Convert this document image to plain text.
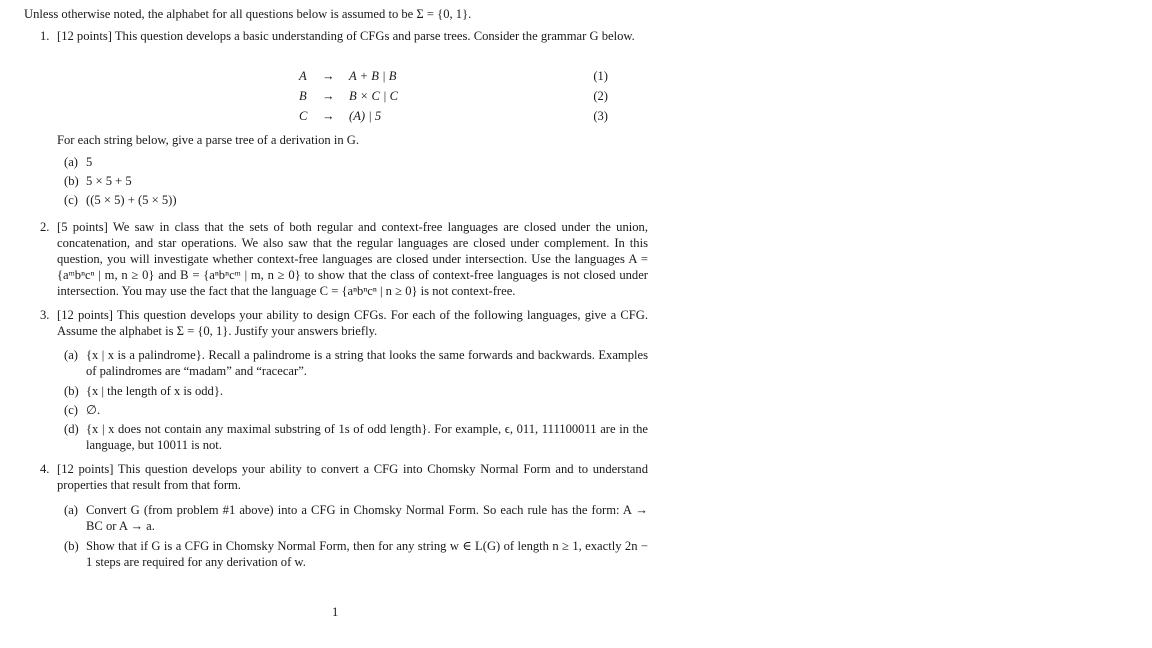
Unless otherwise noted, the alphabet for all questions below is assumed to be Σ = {0, 1}.
1. [12 points] This question develops a basic understanding of CFGs and parse trees. Consider the grammar G below.
A → A + B | B	(1)
B → B × C | C	(2)
C → (A) | 5	(3)
For each string below, give a parse tree of a derivation in G.
(a) 5
(b) 5 × 5 + 5
(c) ((5 × 5) + (5 × 5))
2. [5 points] We saw in class that the sets of both regular and context-free languages are closed under the union, concatenation, and star operations. We also saw that the regular languages are closed under complement. In this question, you will investigate whether context-free languages are closed under intersection. Use the languages A = {aᵐbⁿcⁿ | m, n ≥ 0} and B = {aⁿbⁿcᵐ | m, n ≥ 0} to show that the class of context-free languages is not closed under intersection. You may use the fact that the language C = {aⁿbⁿcⁿ | n ≥ 0} is not context-free.
3. [12 points] This question develops your ability to design CFGs. For each of the following languages, give a CFG. Assume the alphabet is Σ = {0, 1}. Justify your answers briefly.
(a) {x | x is a palindrome}. Recall a palindrome is a string that looks the same forwards and backwards. Examples of palindromes are “madam” and “racecar”.
(b) {x | the length of x is odd}.
(c) ∅.
(d) {x | x does not contain any maximal substring of 1s of odd length}. For example, ϵ, 011, 111100011 are in the language, but 10011 is not.
4. [12 points] This question develops your ability to convert a CFG into Chomsky Normal Form and to understand properties that result from that form.
(a) Convert G (from problem #1 above) into a CFG in Chomsky Normal Form. So each rule has the form: A → BC or A → a.
(b) Show that if G is a CFG in Chomsky Normal Form, then for any string w ∈ L(G) of length n ≥ 1, exactly 2n − 1 steps are required for any derivation of w.
1
